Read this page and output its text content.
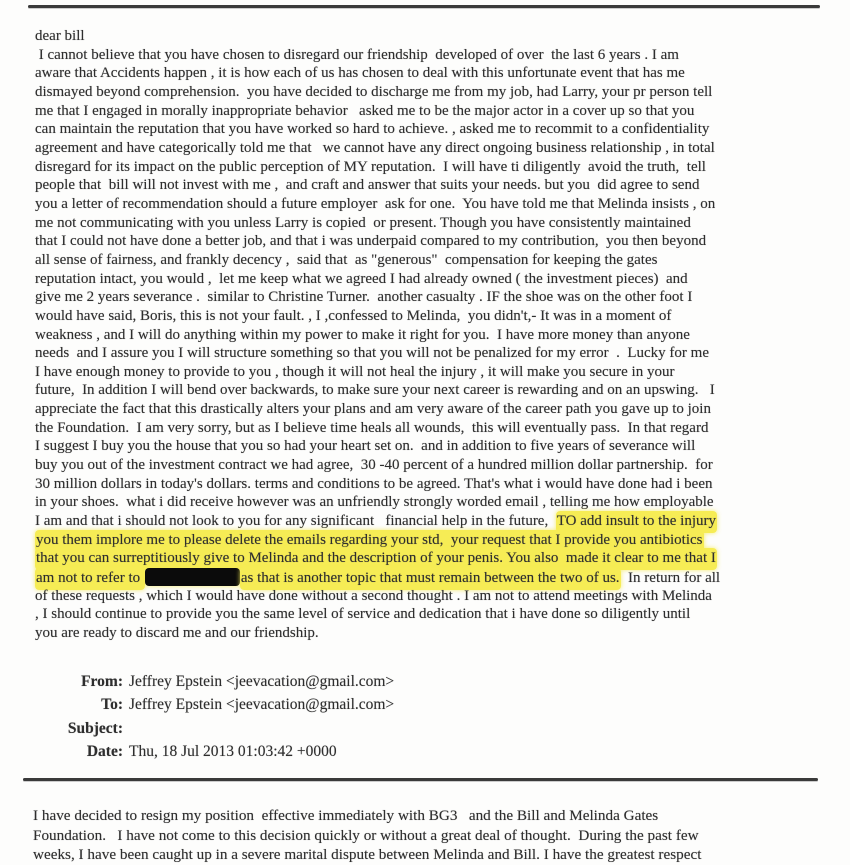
dear bill
I cannot believe that you have chosen to disregard our friendship  developed of over  the last 6 years . I am
aware that Accidents happen , it is how each of us has chosen to deal with this unfortunate event that has me
dismayed beyond comprehension.  you have decided to discharge me from my job, had Larry, your pr person tell
me that I engaged in morally inappropriate behavior   asked me to be the major actor in a cover up so that you
can maintain the reputation that you have worked so hard to achieve. , asked me to recommit to a confidentiality
agreement and have categorically told me that   we cannot have any direct ongoing business relationship , in total
disregard for its impact on the public perception of MY reputation.  I will have ti diligently  avoid the truth,  tell
people that  bill will not invest with me ,  and craft and answer that suits your needs. but you  did agree to send
you a letter of recommendation should a future employer  ask for one.  You have told me that Melinda insists , on
me not communicating with you unless Larry is copied  or present. Though you have consistently maintained
that I could not have done a better job, and that i was underpaid compared to my contribution,  you then beyond
all sense of fairness, and frankly decency ,  said that  as "generous"  compensation for keeping the gates
reputation intact, you would ,  let me keep what we agreed I had already owned ( the investment pieces)  and
give me 2 years severance .  similar to Christine Turner.  another casualty . IF the shoe was on the other foot I
would have said, Boris, this is not your fault. , I ,confessed to Melinda,  you didn't,- It was in a moment of
weakness , and I will do anything within my power to make it right for you.  I have more money than anyone
needs  and I assure you I will structure something so that you will not be penalized for my error  .  Lucky for me
I have enough money to provide to you , though it will not heal the injury , it will make you secure in your
future,  In addition I will bend over backwards, to make sure your next career is rewarding and on an upswing.   I
appreciate the fact that this drastically alters your plans and am very aware of the career path you gave up to join
the Foundation.  I am very sorry, but as I believe time heals all wounds,  this will eventually pass.  In that regard
I suggest I buy you the house that you so had your heart set on.  and in addition to five years of severance will
buy you out of the investment contract we had agree,  30 -40 percent of a hundred million dollar partnership.  for
30 million dollars in today's dollars. terms and conditions to be agreed. That's what i would have done had i been
in your shoes.  what i did receive however was an unfriendly strongly worded email , telling me how employable
I am and that i should not look to you for any significant   financial help in the future,  TO add insult to the injury
you them implore me to please delete the emails regarding your std,  your request that I provide you antibiotics
that you can surreptitiously give to Melinda and the description of your penis. You also  made it clear to me that I
am not to refer to	as that is another topic that must remain between the two of us.  In return for all
of these requests , which I would have done without a second thought . I am not to attend meetings with Melinda
, I should continue to provide you the same level of service and dedication that i have done so diligently until
you are ready to discard me and our friendship.
From: Jeffrey Epstein <jeevacation@gmail.com>
To: Jeffrey Epstein <jeevacation@gmail.com>
Subject:
Date: Thu, 18 Jul 2013 01:03:42 +0000
I have decided to resign my position  effective immediately with BG3   and the Bill and Melinda Gates
Foundation.   I have not come to this decision quickly or without a great deal of thought.  During the past few
weeks, I have been caught up in a severe marital dispute between Melinda and Bill. I have the greatest respect
